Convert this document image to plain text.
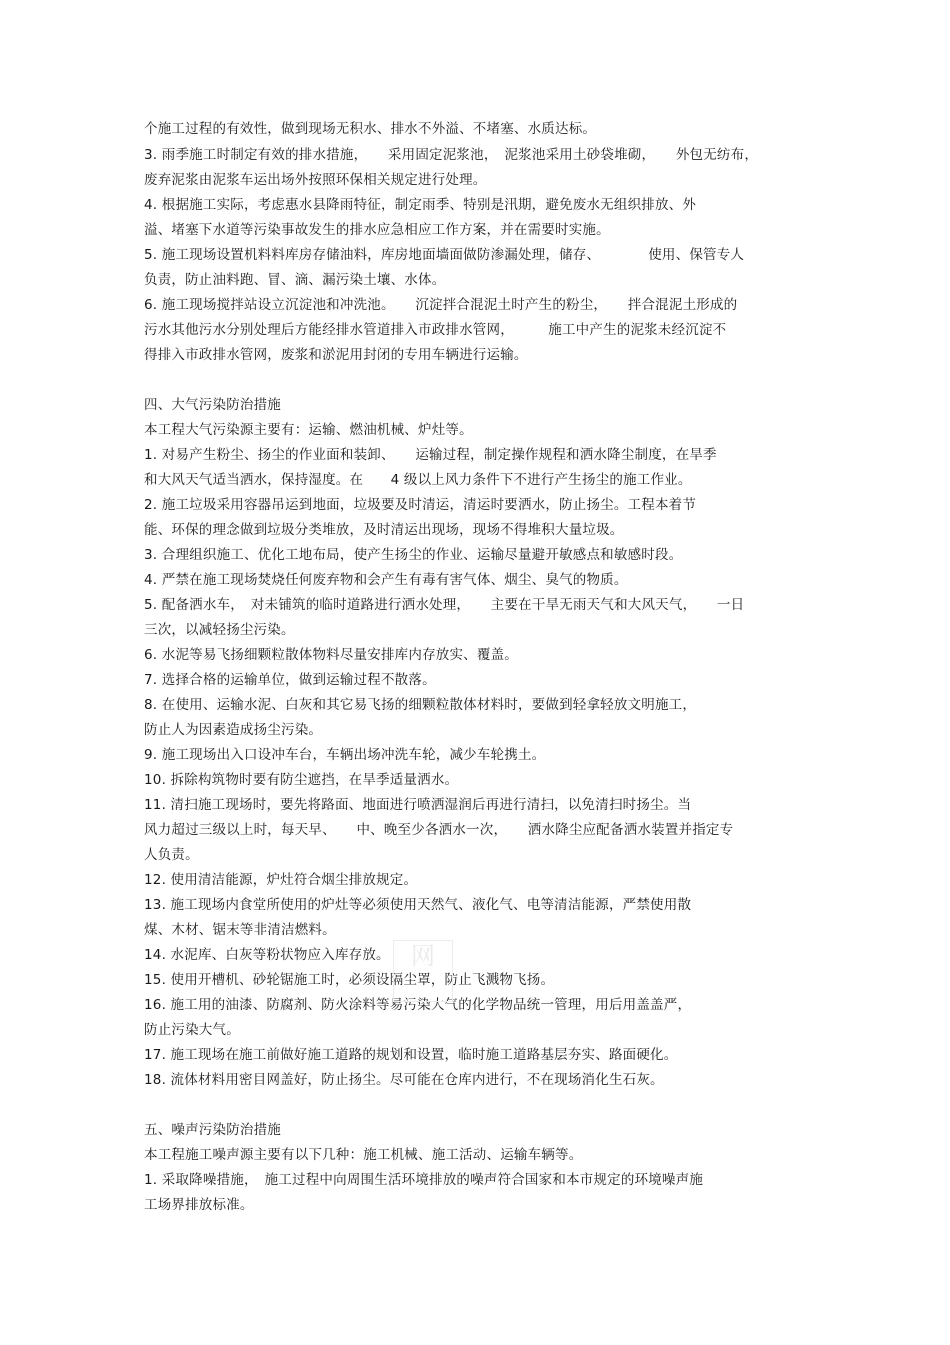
个施工过程的有效性，做到现场无积水、排水不外溢、不堵塞、水质达标。
3. 雨季施工时制定有效的排水措施，　　采用固定泥浆池，　泥浆池采用土砂袋堆砌，　　外包无纺布，
废弃泥浆由泥浆车运出场外按照环保相关规定进行处理。
4. 根据施工实际，考虑惠水县降雨特征，制定雨季、特别是汛期，避免废水无组织排放、外
溢、堵塞下水道等污染事故发生的排水应急相应工作方案，并在需要时实施。
5. 施工现场设置机料料库房存储油料，库房地面墙面做防渗漏处理，储存、　　　　使用、保管专人
负责，防止油料跑、冒、滴、漏污染土壤、水体。
6. 施工现场搅拌站设立沉淀池和冲洗池。　　沉淀拌合混泥土时产生的粉尘，　　拌合混泥土形成的
污水其他污水分别处理后方能经排水管道排入市政排水管网，　　　施工中产生的泥浆未经沉淀不
得排入市政排水管网，废浆和淤泥用封闭的专用车辆进行运输。
四、大气污染防治措施
本工程大气污染源主要有：运输、燃油机械、炉灶等。
1. 对易产生粉尘、扬尘的作业面和装卸、　　运输过程，制定操作规程和洒水降尘制度，在旱季
和大风天气适当洒水，保持湿度。在　　4 级以上风力条件下不进行产生扬尘的施工作业。
2. 施工垃圾采用容器吊运到地面，垃圾要及时清运，清运时要洒水，防止扬尘。工程本着节
能、环保的理念做到垃圾分类堆放，及时清运出现场，现场不得堆积大量垃圾。
3. 合理组织施工、优化工地布局，使产生扬尘的作业、运输尽量避开敏感点和敏感时段。
4. 严禁在施工现场焚烧任何废弃物和会产生有毒有害气体、烟尘、臭气的物质。
5. 配备洒水车，　对未铺筑的临时道路进行洒水处理，　　主要在干旱无雨天气和大风天气，　　一日
三次，以减轻扬尘污染。
6. 水泥等易飞扬细颗粒散体物料尽量安排库内存放实、覆盖。
7. 选择合格的运输单位，做到运输过程不散落。
8. 在使用、运输水泥、白灰和其它易飞扬的细颗粒散体材料时，要做到轻拿轻放文明施工，
防止人为因素造成扬尘污染。
9. 施工现场出入口设冲车台，车辆出场冲洗车轮，减少车轮携土。
10. 拆除构筑物时要有防尘遮挡，在旱季适量洒水。
11. 清扫施工现场时，要先将路面、地面进行喷洒湿润后再进行清扫，以免清扫时扬尘。当
风力超过三级以上时，每天早、　　中、晚至少各洒水一次，　　洒水降尘应配备洒水装置并指定专
人负责。
12. 使用清洁能源，炉灶符合烟尘排放规定。
13. 施工现场内食堂所使用的炉灶等必须使用天然气、液化气、电等清洁能源，严禁使用散
煤、木材、锯末等非清洁燃料。
14. 水泥库、白灰等粉状物应入库存放。
15. 使用开槽机、砂轮锯施工时，必须设隔尘罩，防止飞溅物飞扬。
16. 施工用的油漆、防腐剂、防火涂料等易污染大气的化学物品统一管理，用后用盖盖严，
防止污染大气。
17. 施工现场在施工前做好施工道路的规划和设置，临时施工道路基层夯实、路面硬化。
18. 流体材料用密目网盖好，防止扬尘。尽可能在仓库内进行，不在现场消化生石灰。
五、噪声污染防治措施
本工程施工噪声源主要有以下几种：施工机械、施工活动、运输车辆等。
1. 采取降噪措施，　施工过程中向周围生活环境排放的噪声符合国家和本市规定的环境噪声施
工场界排放标准。
网
